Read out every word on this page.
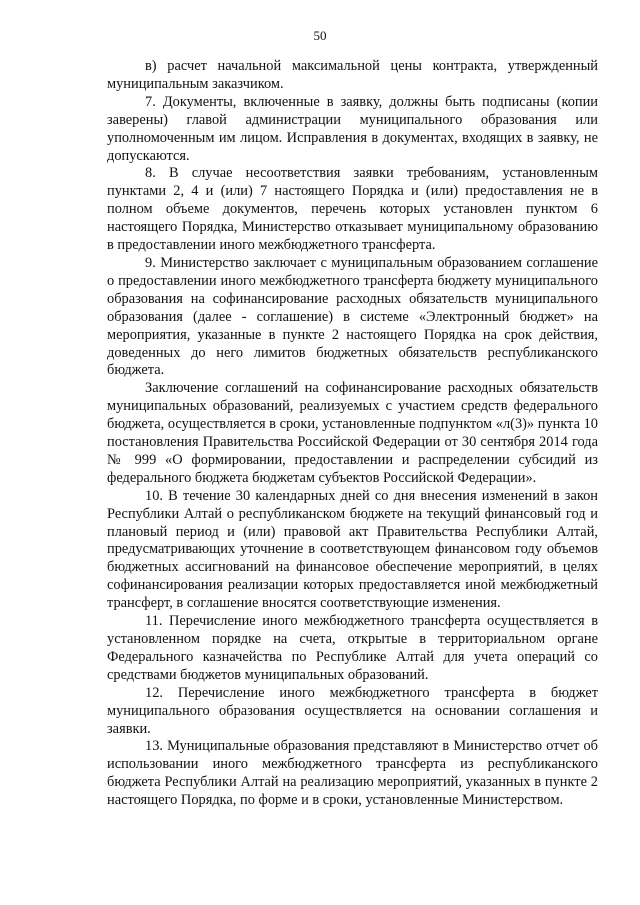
50

в) расчет начальной максимальной цены контракта, утвержденный муниципальным заказчиком.

7. Документы, включенные в заявку, должны быть подписаны (копии заверены) главой администрации муниципального образования или уполномоченным им лицом. Исправления в документах, входящих в заявку, не допускаются.

8. В случае несоответствия заявки требованиям, установленным пунктами 2, 4 и (или) 7 настоящего Порядка и (или) предоставления не в полном объеме документов, перечень которых установлен пунктом 6 настоящего Порядка, Министерство отказывает муниципальному образованию в предоставлении иного межбюджетного трансферта.

9. Министерство заключает с муниципальным образованием соглашение о предоставлении иного межбюджетного трансферта бюджету муниципального образования на софинансирование расходных обязательств муниципального образования (далее - соглашение) в системе «Электронный бюджет» на мероприятия, указанные в пункте 2 настоящего Порядка на срок действия, доведенных до него лимитов бюджетных обязательств республиканского бюджета.

Заключение соглашений на софинансирование расходных обязательств муниципальных образований, реализуемых с участием средств федерального бюджета, осуществляется в сроки, установленные подпунктом «л(3)» пункта 10 постановления Правительства Российской Федерации от 30 сентября 2014 года № 999 «О формировании, предоставлении и распределении субсидий из федерального бюджета бюджетам субъектов Российской Федерации».

10. В течение 30 календарных дней со дня внесения изменений в закон Республики Алтай о республиканском бюджете на текущий финансовый год и плановый период и (или) правовой акт Правительства Республики Алтай, предусматривающих уточнение в соответствующем финансовом году объемов бюджетных ассигнований на финансовое обеспечение мероприятий, в целях софинансирования реализации которых предоставляется иной межбюджетный трансферт, в соглашение вносятся соответствующие изменения.

11. Перечисление иного межбюджетного трансферта осуществляется в установленном порядке на счета, открытые в территориальном органе Федерального казначейства по Республике Алтай для учета операций со средствами бюджетов муниципальных образований.

12. Перечисление иного межбюджетного трансферта в бюджет муниципального образования осуществляется на основании соглашения и заявки.

13. Муниципальные образования представляют в Министерство отчет об использовании иного межбюджетного трансферта из республиканского бюджета Республики Алтай на реализацию мероприятий, указанных в пункте 2 настоящего Порядка, по форме и в сроки, установленные Министерством.
